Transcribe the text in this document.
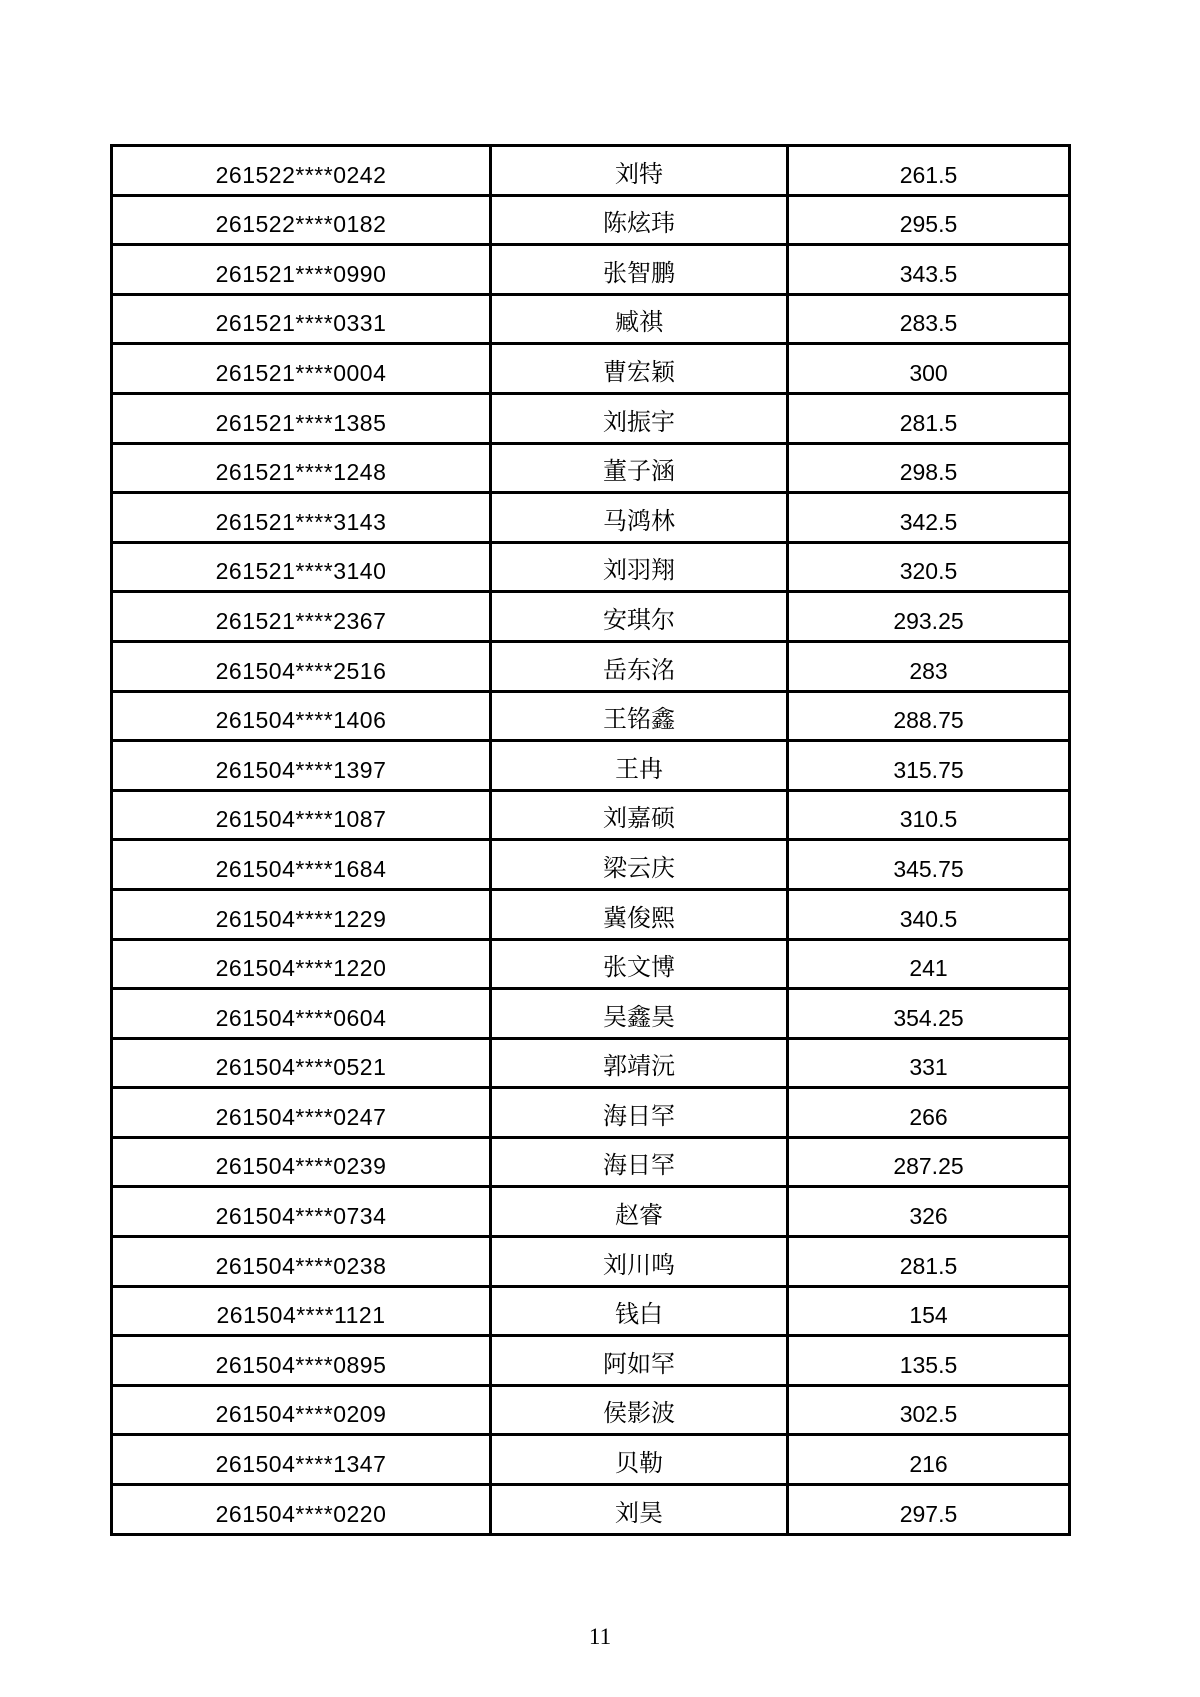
261522****0242	刘特	261.5
261522****0182	陈炫玮	295.5
261521****0990	张智鹏	343.5
261521****0331	臧祺	283.5
261521****0004	曹宏颖	300
261521****1385	刘振宇	281.5
261521****1248	董子涵	298.5
261521****3143	马鸿林	342.5
261521****3140	刘羽翔	320.5
261521****2367	安琪尔	293.25
261504****2516	岳东洺	283
261504****1406	王铭鑫	288.75
261504****1397	王冉	315.75
261504****1087	刘嘉硕	310.5
261504****1684	梁云庆	345.75
261504****1229	冀俊熙	340.5
261504****1220	张文博	241
261504****0604	吴鑫昊	354.25
261504****0521	郭靖沅	331
261504****0247	海日罕	266
261504****0239	海日罕	287.25
261504****0734	赵睿	326
261504****0238	刘川鸣	281.5
261504****1121	钱白	154
261504****0895	阿如罕	135.5
261504****0209	侯影波	302.5
261504****1347	贝勒	216
261504****0220	刘昊	297.5
11
